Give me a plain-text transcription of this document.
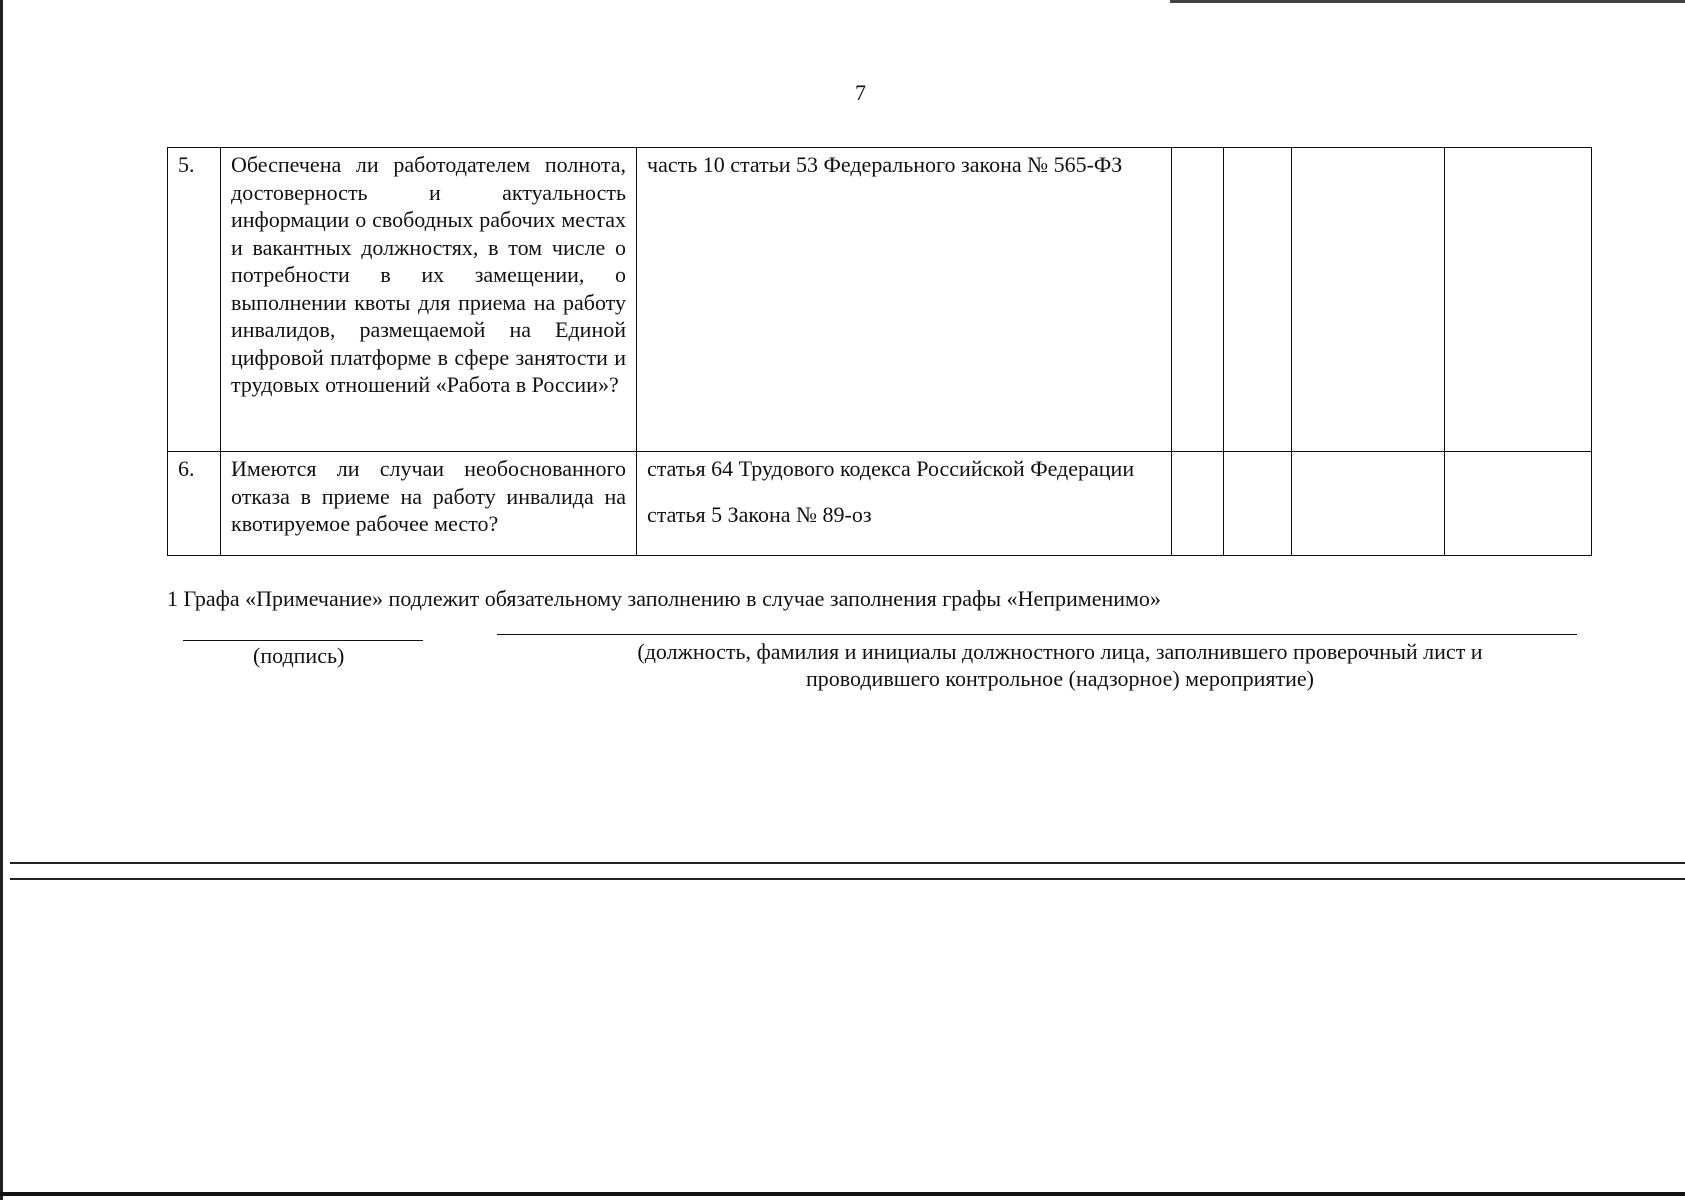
7
5.	Обеспечена ли работодателем полнота, достоверность и актуальность информации о свободных рабочих местах и вакантных должностях, в том числе о потребности в их замещении, о выполнении квоты для приема на работу инвалидов, размещаемой на Единой цифровой платформе в сфере занятости и трудовых отношений «Работа в России»?	часть 10 статьи 53 Федерального закона № 565-ФЗ				
6.	Имеются ли случаи необоснованного отказа в приеме на работу инвалида на квотируемое рабочее место?	статья 64 Трудового кодекса Российской Федерации
статья 5 Закона № 89-оз				
1 Графа «Примечание» подлежит обязательному заполнению в случае заполнения графы «Неприменимо»
(подпись)	(должность, фамилия и инициалы должностного лица, заполнившего проверочный лист и
проводившего контрольное (надзорное) мероприятие)
